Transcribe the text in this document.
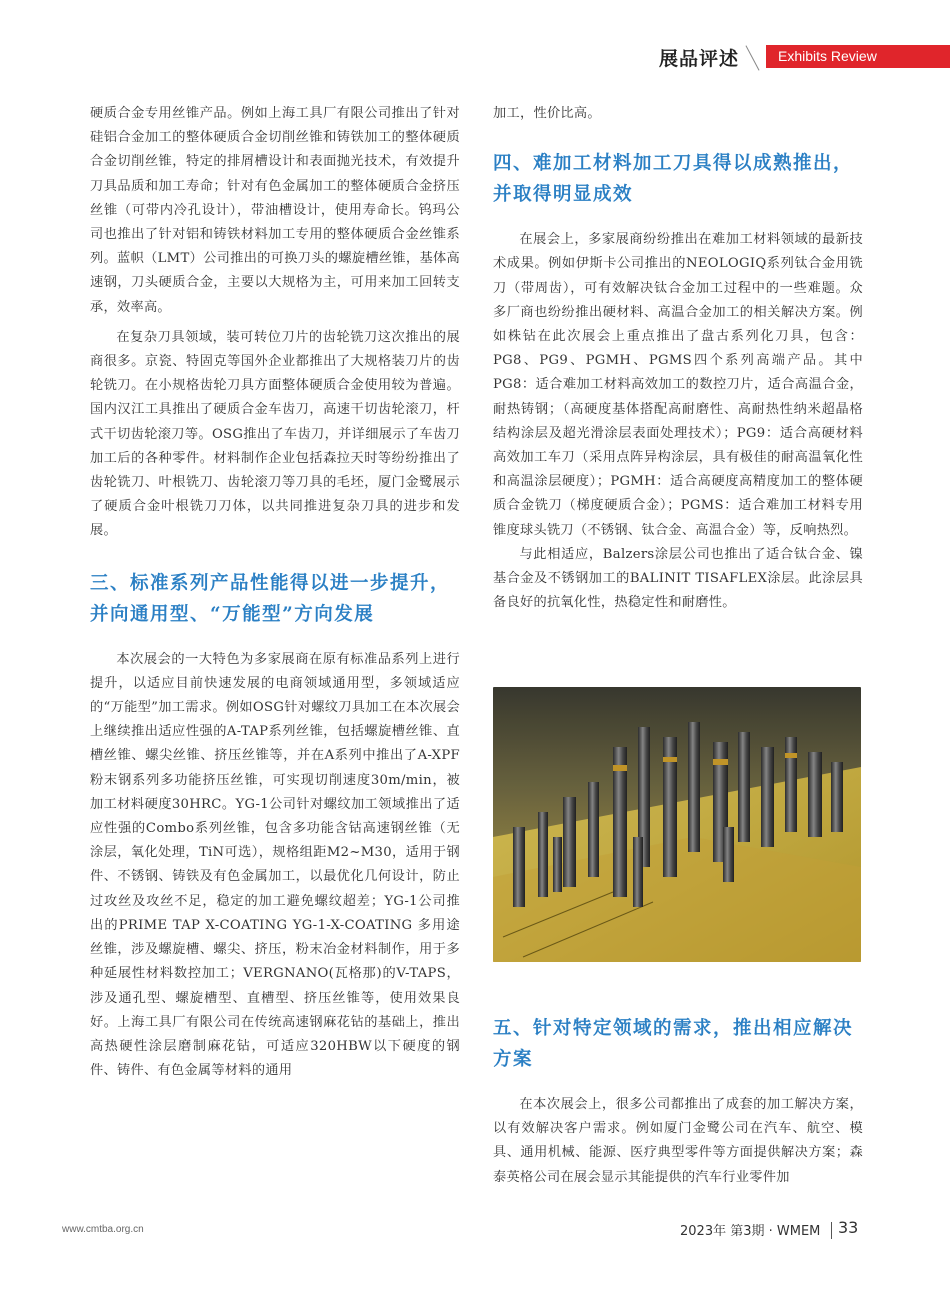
展品评述	Exhibits Review

硬质合金专用丝锥产品。例如上海工具厂有限公司推出了针对硅铝合金加工的整体硬质合金切削丝锥和铸铁加工的整体硬质合金切削丝锥，特定的排屑槽设计和表面抛光技术，有效提升刀具品质和加工寿命；针对有色金属加工的整体硬质合金挤压丝锥（可带内冷孔设计），带油槽设计，使用寿命长。钨玛公司也推出了针对铝和铸铁材料加工专用的整体硬质合金丝锥系列。蓝帜（LMT）公司推出的可换刀头的螺旋槽丝锥，基体高速钢，刀头硬质合金，主要以大规格为主，可用来加工回转支承，效率高。

在复杂刀具领域，装可转位刀片的齿轮铣刀这次推出的展商很多。京瓷、特固克等国外企业都推出了大规格装刀片的齿轮铣刀。在小规格齿轮刀具方面整体硬质合金使用较为普遍。国内汉江工具推出了硬质合金车齿刀，高速干切齿轮滚刀，杆式干切齿轮滚刀等。OSG推出了车齿刀，并详细展示了车齿刀加工后的各种零件。材料制作企业包括森拉天时等纷纷推出了齿轮铣刀、叶根铣刀、齿轮滚刀等刀具的毛坯，厦门金鹭展示了硬质合金叶根铣刀刀体，以共同推进复杂刀具的进步和发展。

三、标准系列产品性能得以进一步提升，并向通用型、“万能型”方向发展

本次展会的一大特色为多家展商在原有标准品系列上进行提升，以适应目前快速发展的电商领域通用型，多领域适应的“万能型”加工需求。例如OSG针对螺纹刀具加工在本次展会上继续推出适应性强的A-TAP系列丝锥，包括螺旋槽丝锥、直槽丝锥、螺尖丝锥、挤压丝锥等，并在A系列中推出了A-XPF粉末钢系列多功能挤压丝锥，可实现切削速度30m/min，被加工材料硬度30HRC。YG-1公司针对螺纹加工领域推出了适应性强的Combo系列丝锥，包含多功能含钴高速钢丝锥（无涂层，氧化处理，TiN可选），规格组距M2~M30，适用于钢件、不锈钢、铸铁及有色金属加工，以最优化几何设计，防止过攻丝及攻丝不足，稳定的加工避免螺纹超差；YG-1公司推出的PRIME TAP X-COATING YG-1-X-COATING 多用途丝锥，涉及螺旋槽、螺尖、挤压，粉末冶金材料制作，用于多种延展性材料数控加工；VERGNANO(瓦格那)的V-TAPS，涉及通孔型、螺旋槽型、直槽型、挤压丝锥等，使用效果良好。上海工具厂有限公司在传统高速钢麻花钻的基础上，推出高热硬性涂层磨制麻花钻，可适应320HBW以下硬度的钢件、铸件、有色金属等材料的通用

加工，性价比高。

四、难加工材料加工刀具得以成熟推出，并取得明显成效

在展会上，多家展商纷纷推出在难加工材料领域的最新技术成果。例如伊斯卡公司推出的NEOLOGIQ系列钛合金用铣刀（带周齿），可有效解决钛合金加工过程中的一些难题。众多厂商也纷纷推出硬材料、高温合金加工的相关解决方案。例如株钻在此次展会上重点推出了盘古系列化刀具，包含：PG8、PG9、PGMH、PGMS四个系列高端产品。其中PG8：适合难加工材料高效加工的数控刀片，适合高温合金，耐热铸钢；（高硬度基体搭配高耐磨性、高耐热性纳米超晶格结构涂层及超光滑涂层表面处理技术）；PG9：适合高硬材料高效加工车刀（采用点阵异构涂层，具有极佳的耐高温氧化性和高温涂层硬度）；PGMH：适合高硬度高精度加工的整体硬质合金铣刀（梯度硬质合金）；PGMS：适合难加工材料专用锥度球头铣刀（不锈钢、钛合金、高温合金）等，反响热烈。

与此相适应，Balzers涂层公司也推出了适合钛合金、镍基合金及不锈钢加工的BALINIT TISAFLEX涂层。此涂层具备良好的抗氧化性，热稳定性和耐磨性。

五、针对特定领域的需求，推出相应解决方案

在本次展会上，很多公司都推出了成套的加工解决方案，以有效解决客户需求。例如厦门金鹭公司在汽车、航空、模具、通用机械、能源、医疗典型零件等方面提供解决方案；森泰英格公司在展会显示其能提供的汽车行业零件加

www.cmtba.org.cn	2023年 第3期 · WMEM 33
